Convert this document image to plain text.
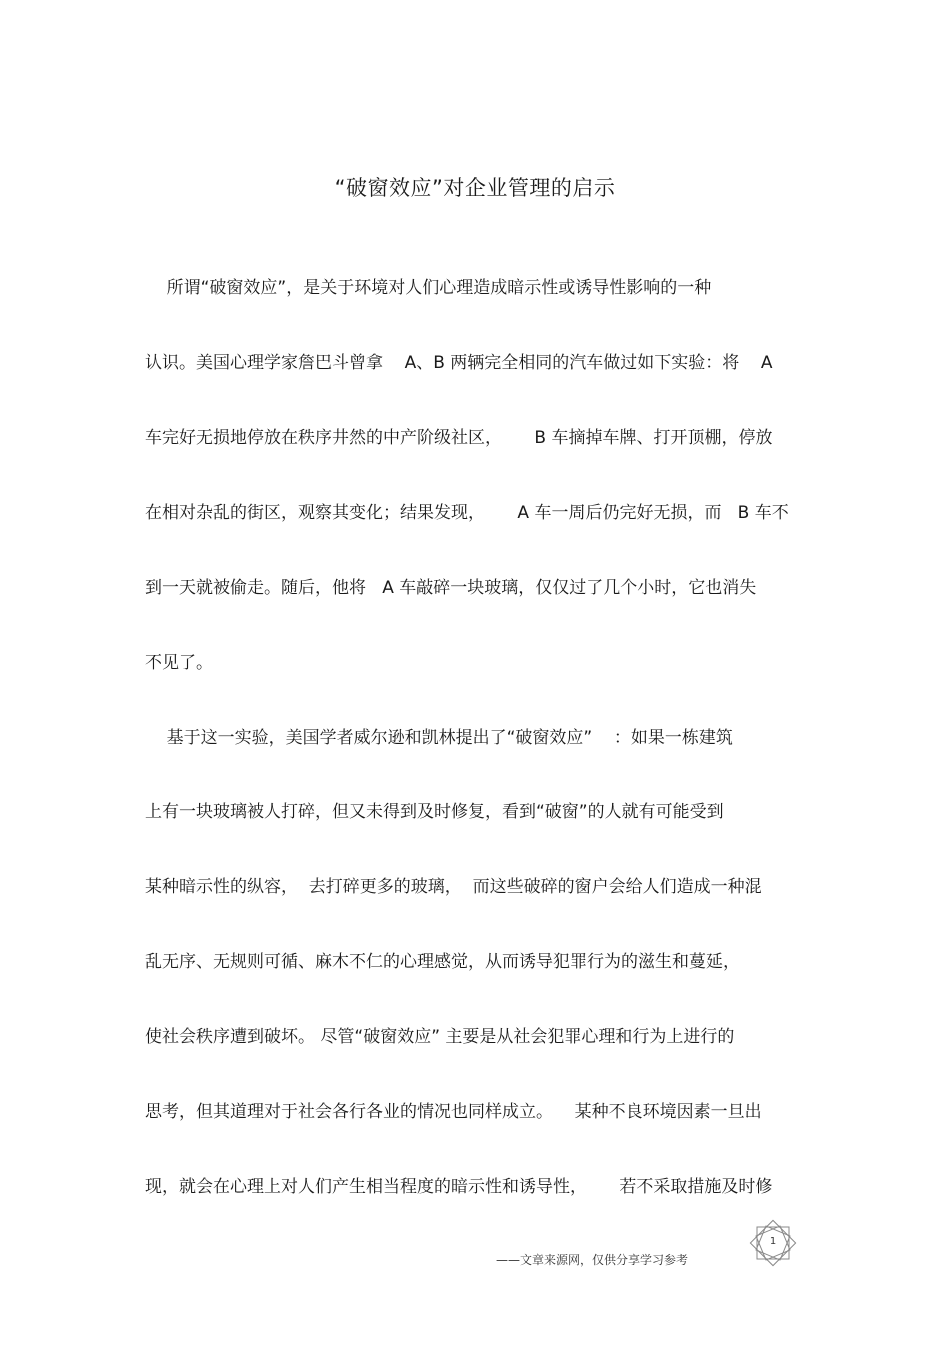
“破窗效应”对企业管理的启示
所谓“破窗效应”，是关于环境对人们心理造成暗示性或诱导性影响的一种
认识。美国心理学家詹巴斗曾拿    A、B 两辆完全相同的汽车做过如下实验：将    A
车完好无损地停放在秩序井然的中产阶级社区，      B 车摘掉车牌、打开顶棚，停放
在相对杂乱的街区，观察其变化；结果发现，      A 车一周后仍完好无损，而   B 车不
到一天就被偷走。随后，他将   A 车敲碎一块玻璃，仅仅过了几个小时，它也消失
不见了。
基于这一实验，美国学者威尔逊和凯林提出了“破窗效应”    ：如果一栋建筑
上有一块玻璃被人打碎，但又未得到及时修复，看到“破窗”的人就有可能受到
某种暗示性的纵容，  去打碎更多的玻璃，  而这些破碎的窗户会给人们造成一种混
乱无序、无规则可循、麻木不仁的心理感觉，从而诱导犯罪行为的滋生和蔓延，
使社会秩序遭到破坏。 尽管“破窗效应” 主要是从社会犯罪心理和行为上进行的
思考，但其道理对于社会各行各业的情况也同样成立。    某种不良环境因素一旦出
现，就会在心理上对人们产生相当程度的暗示性和诱导性，      若不采取措施及时修
1
——文章来源网，仅供分享学习参考
